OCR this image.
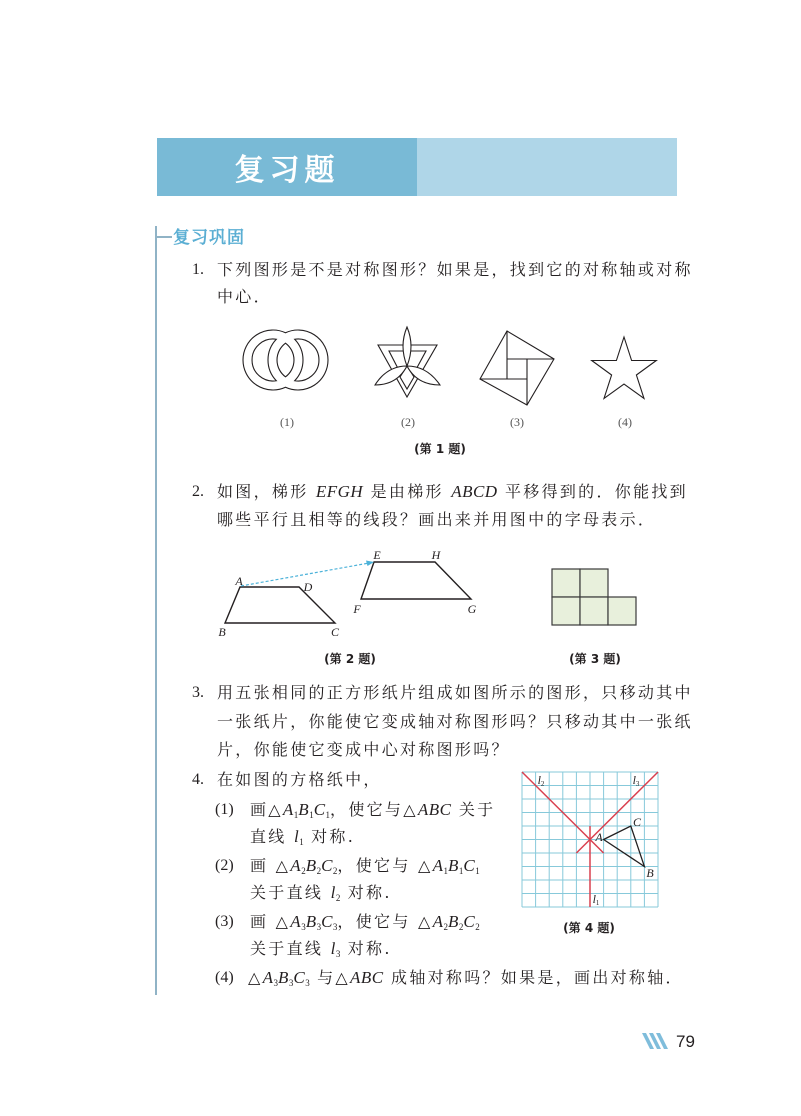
复习题
复习巩固
1. 下列图形是不是对称图形？如果是，找到它的对称轴或对称
中心．
(1)	(2)	(3)	(4)
(第 1 题)
2. 如图，梯形 EFGH 是由梯形 ABCD 平移得到的．你能找到
哪些平行且相等的线段？画出来并用图中的字母表示．
A	D
B	C
E	H
F	G
(第 2 题)	(第 3 题)
3. 用五张相同的正方形纸片组成如图所示的图形，只移动其中
一张纸片，你能使它变成轴对称图形吗？只移动其中一张纸
片，你能使它变成中心对称图形吗？
4. 在如图的方格纸中，
(1) 画$\triangle A_1B_1C_1$，使它与△ABC 关于
直线 $l_1$ 对称.
(2) 画 $\triangle A_2B_2C_2$，使它与 $\triangle A_1B_1C_1$
关于直线 $l_2$ 对称.
(3) 画 $\triangle A_3B_3C_3$，使它与 $\triangle A_2B_2C_2$
关于直线 $l_3$ 对称.
(4) $\triangle A_3B_3C_3$ 与△ABC 成轴对称吗？如果是，画出对称轴．
l2	l3
l1
A
C
B
(第 4 题)
79
